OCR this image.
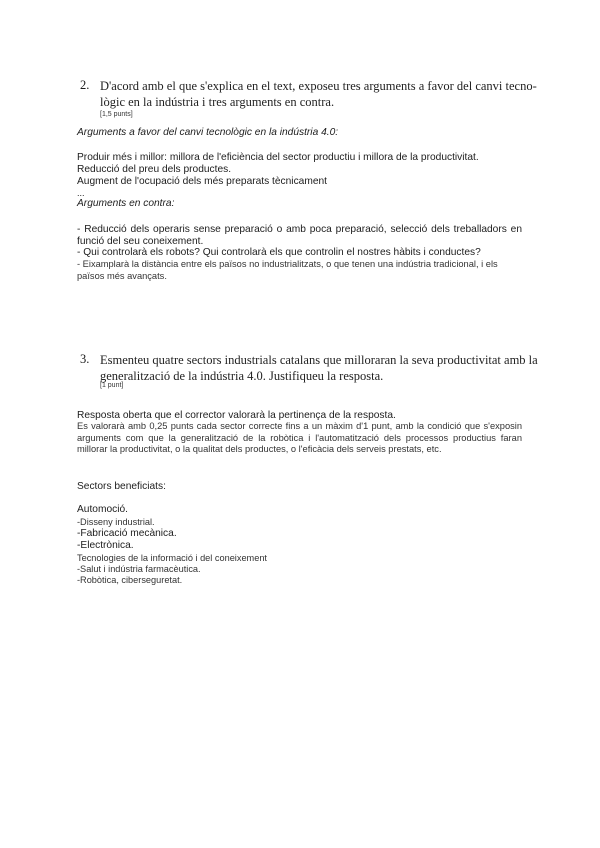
2. D'acord amb el que s'explica en el text, exposeu tres arguments a favor del canvi tecno-
lògic en la indústria i tres arguments en contra.
[1,5 punts]
Arguments a favor del canvi tecnològic en la indústria 4.0:
Produir més i millor: millora de l'eficiència del sector productiu i millora de la productivitat.
Reducció del preu dels productes.
Augment de l'ocupació dels més preparats tècnicament
...
Arguments en contra:
- Reducció dels operaris sense preparació o amb poca preparació, selecció dels treballadors en funció del seu coneixement.
- Qui controlarà els robots? Qui controlarà els que controlin el nostres hàbits i conductes?
- Eixamplarà la distància entre els països no industrialitzats, o que tenen una indústria tradicional, i els països més avançats.
3. Esmenteu quatre sectors industrials catalans que milloraran la seva productivitat amb la
generalització de la indústria 4.0. Justifiqueu la resposta.
[1 punt]
Resposta oberta que el corrector valorarà la pertinença de la resposta.
Es valorarà amb 0,25 punts cada sector correcte fins a un màxim d'1 punt, amb la condició que s'exposin arguments com que la generalització de la robòtica i l'automatització dels processos productius faran millorar la productivitat, o la qualitat dels productes, o l'eficàcia dels serveis prestats, etc.
Sectors beneficiats:
Automoció.
-Disseny industrial.
-Fabricació mecànica.
-Electrònica.
Tecnologies de la informació i del coneixement
-Salut i indústria farmacèutica.
-Robòtica, ciberseguretat.
